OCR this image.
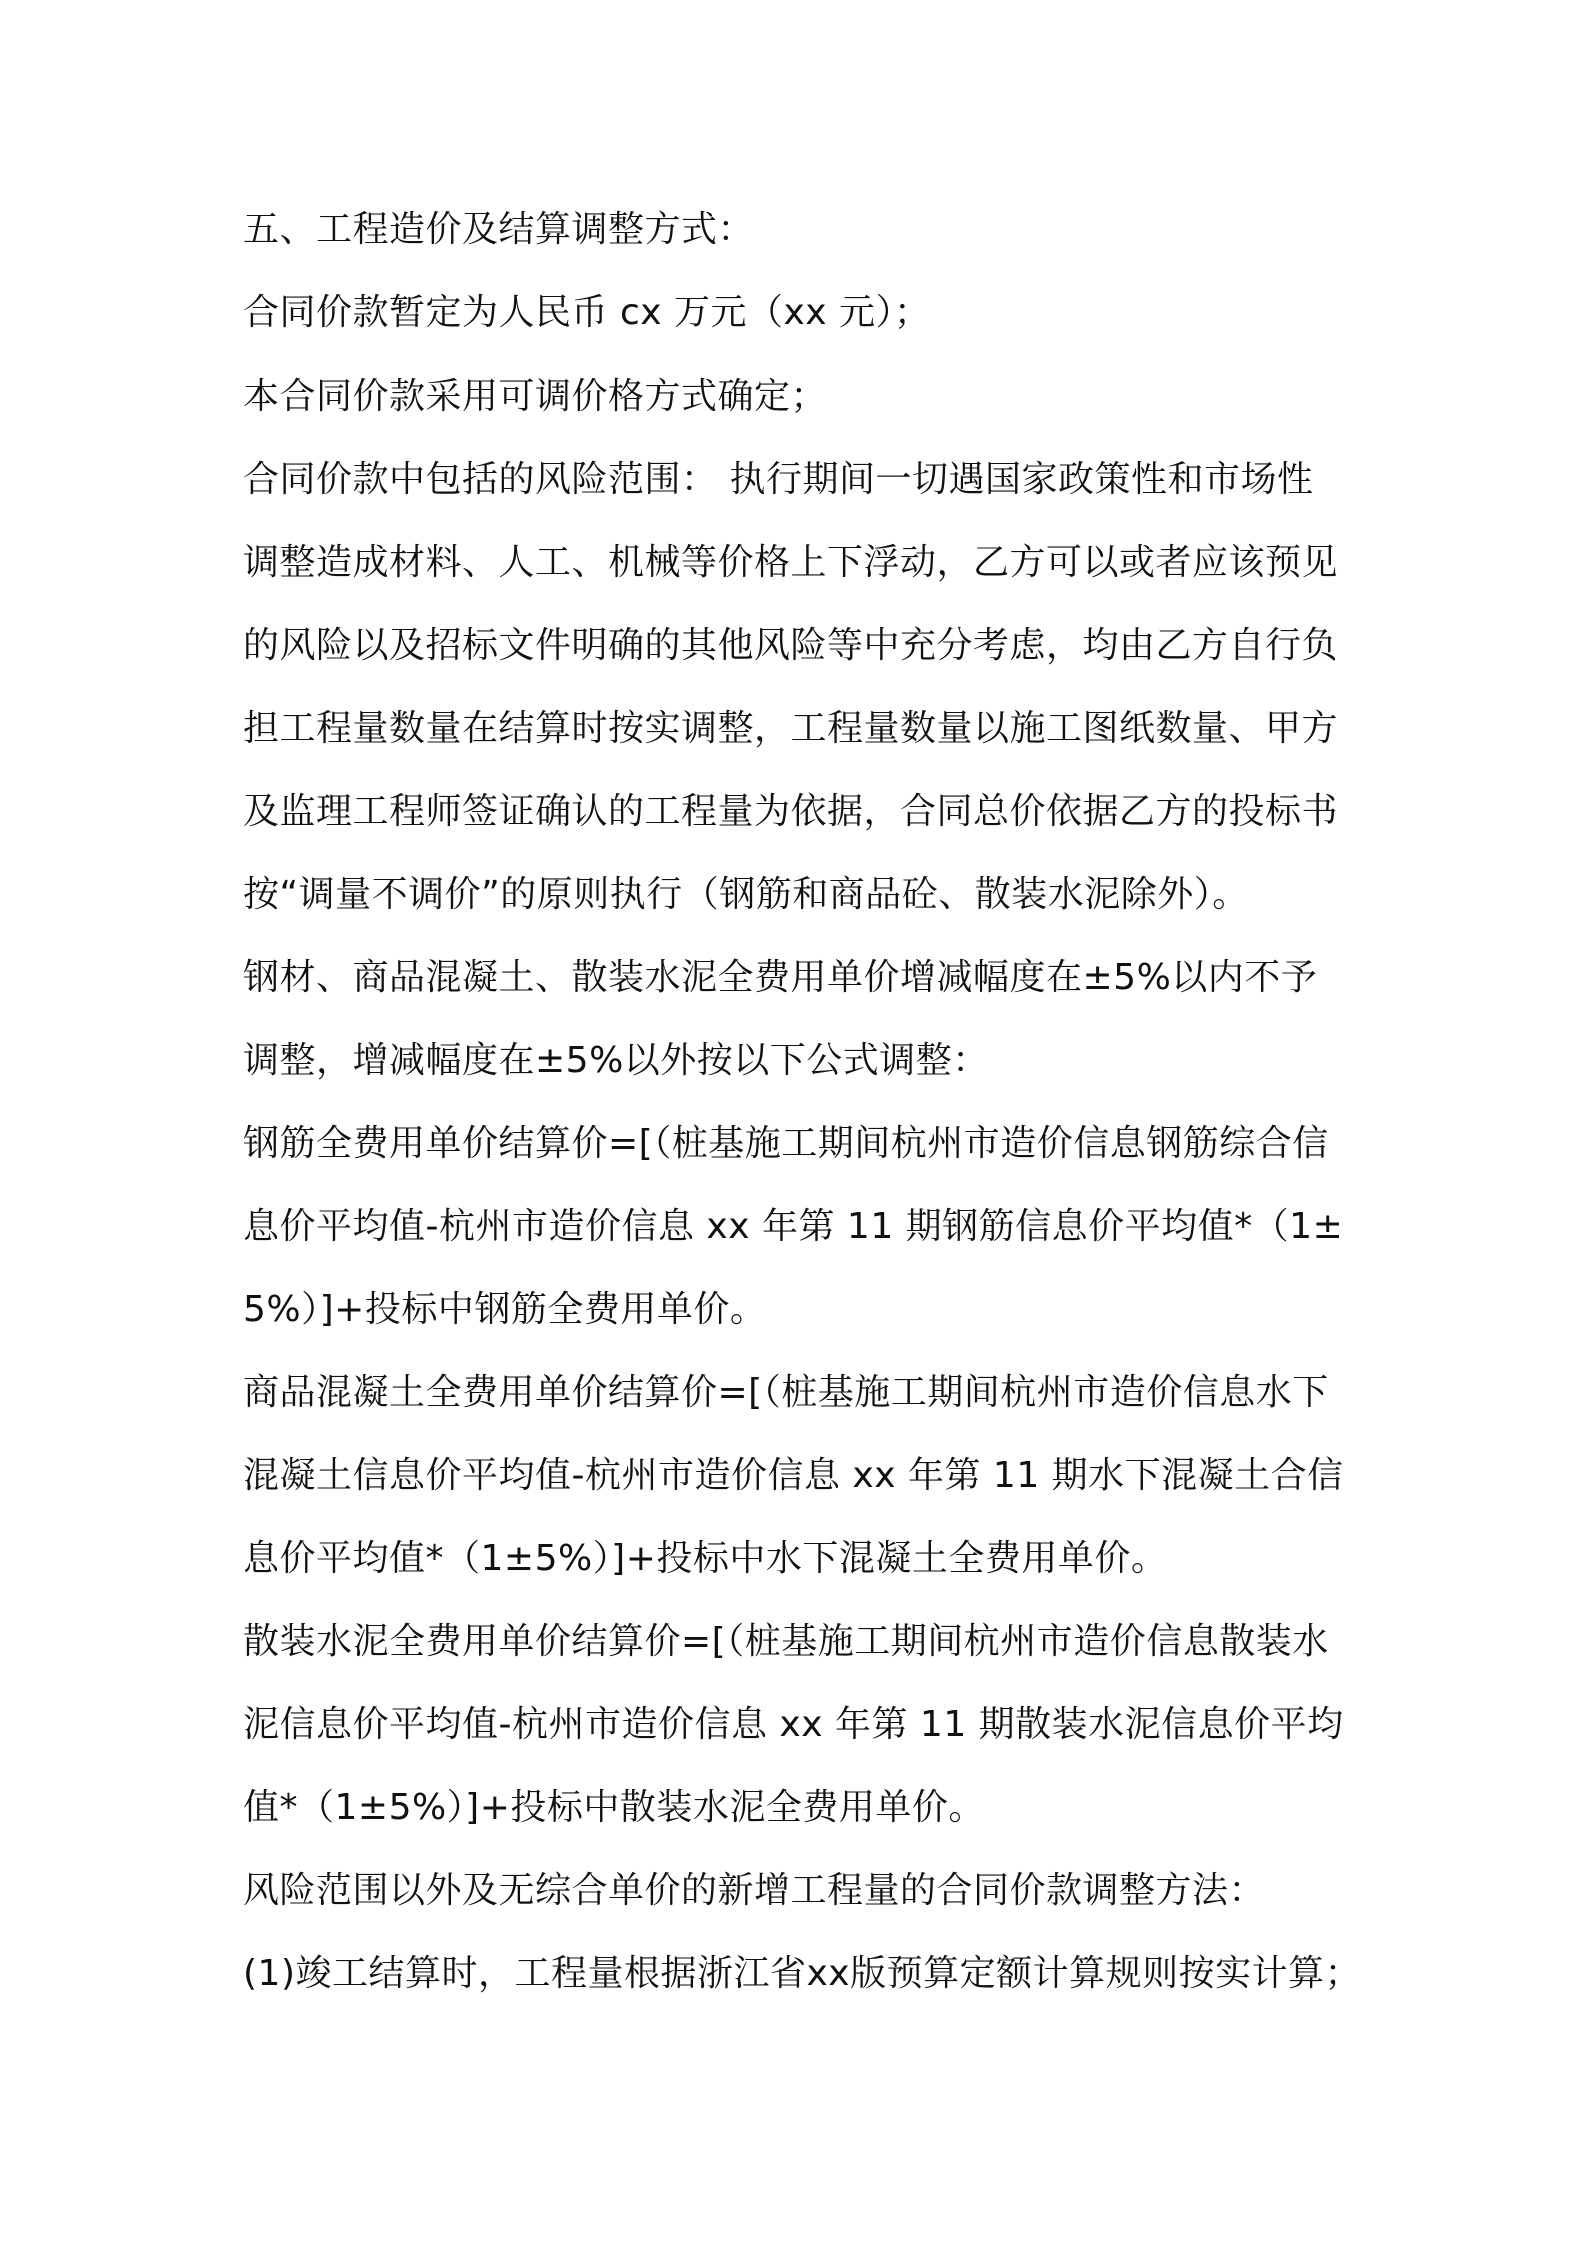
五、工程造价及结算调整方式：
合同价款暂定为人民币 cx 万元（xx 元）；
本合同价款采用可调价格方式确定；
合同价款中包括的风险范围： 执行期间一切遇国家政策性和市场性
调整造成材料、人工、机械等价格上下浮动，乙方可以或者应该预见
的风险以及招标文件明确的其他风险等中充分考虑，均由乙方自行负
担工程量数量在结算时按实调整，工程量数量以施工图纸数量、甲方
及监理工程师签证确认的工程量为依据，合同总价依据乙方的投标书
按“调量不调价”的原则执行（钢筋和商品砼、散装水泥除外）。
钢材、商品混凝土、散装水泥全费用单价增减幅度在±5%以内不予
调整，增减幅度在±5%以外按以下公式调整：
钢筋全费用单价结算价=[（桩基施工期间杭州市造价信息钢筋综合信
息价平均值-杭州市造价信息 xx 年第 11 期钢筋信息价平均值*（1±
5%）]+投标中钢筋全费用单价。
商品混凝土全费用单价结算价=[（桩基施工期间杭州市造价信息水下
混凝土信息价平均值-杭州市造价信息 xx 年第 11 期水下混凝土合信
息价平均值*（1±5%）]+投标中水下混凝土全费用单价。
散装水泥全费用单价结算价=[（桩基施工期间杭州市造价信息散装水
泥信息价平均值-杭州市造价信息 xx 年第 11 期散装水泥信息价平均
值*（1±5%）]+投标中散装水泥全费用单价。
风险范围以外及无综合单价的新增工程量的合同价款调整方法：
(1)竣工结算时，工程量根据浙江省xx版预算定额计算规则按实计算；
